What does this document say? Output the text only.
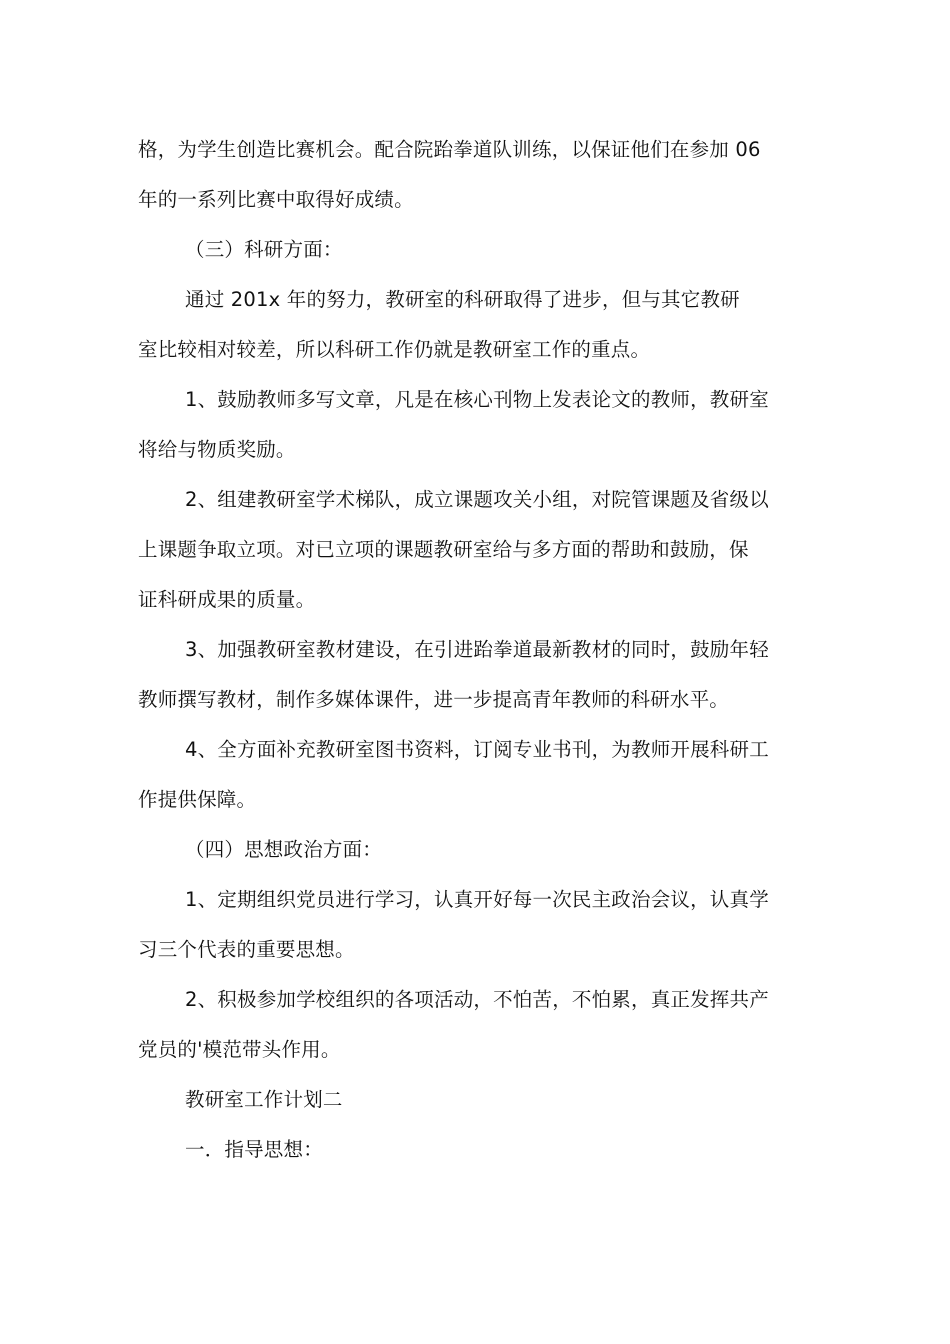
格，为学生创造比赛机会。配合院跆拳道队训练，以保证他们在参加 06
年的一系列比赛中取得好成绩。
（三）科研方面：
通过 201x 年的努力，教研室的科研取得了进步，但与其它教研
室比较相对较差，所以科研工作仍就是教研室工作的重点。
1、鼓励教师多写文章，凡是在核心刊物上发表论文的教师，教研室
将给与物质奖励。
2、组建教研室学术梯队，成立课题攻关小组，对院管课题及省级以
上课题争取立项。对已立项的课题教研室给与多方面的帮助和鼓励，保
证科研成果的质量。
3、加强教研室教材建设，在引进跆拳道最新教材的同时，鼓励年轻
教师撰写教材，制作多媒体课件，进一步提高青年教师的科研水平。
4、全方面补充教研室图书资料，订阅专业书刊，为教师开展科研工
作提供保障。
（四）思想政治方面：
1、定期组织党员进行学习，认真开好每一次民主政治会议，认真学
习三个代表的重要思想。
2、积极参加学校组织的各项活动，不怕苦，不怕累，真正发挥共产
党员的'模范带头作用。
教研室工作计划二
一．指导思想：
